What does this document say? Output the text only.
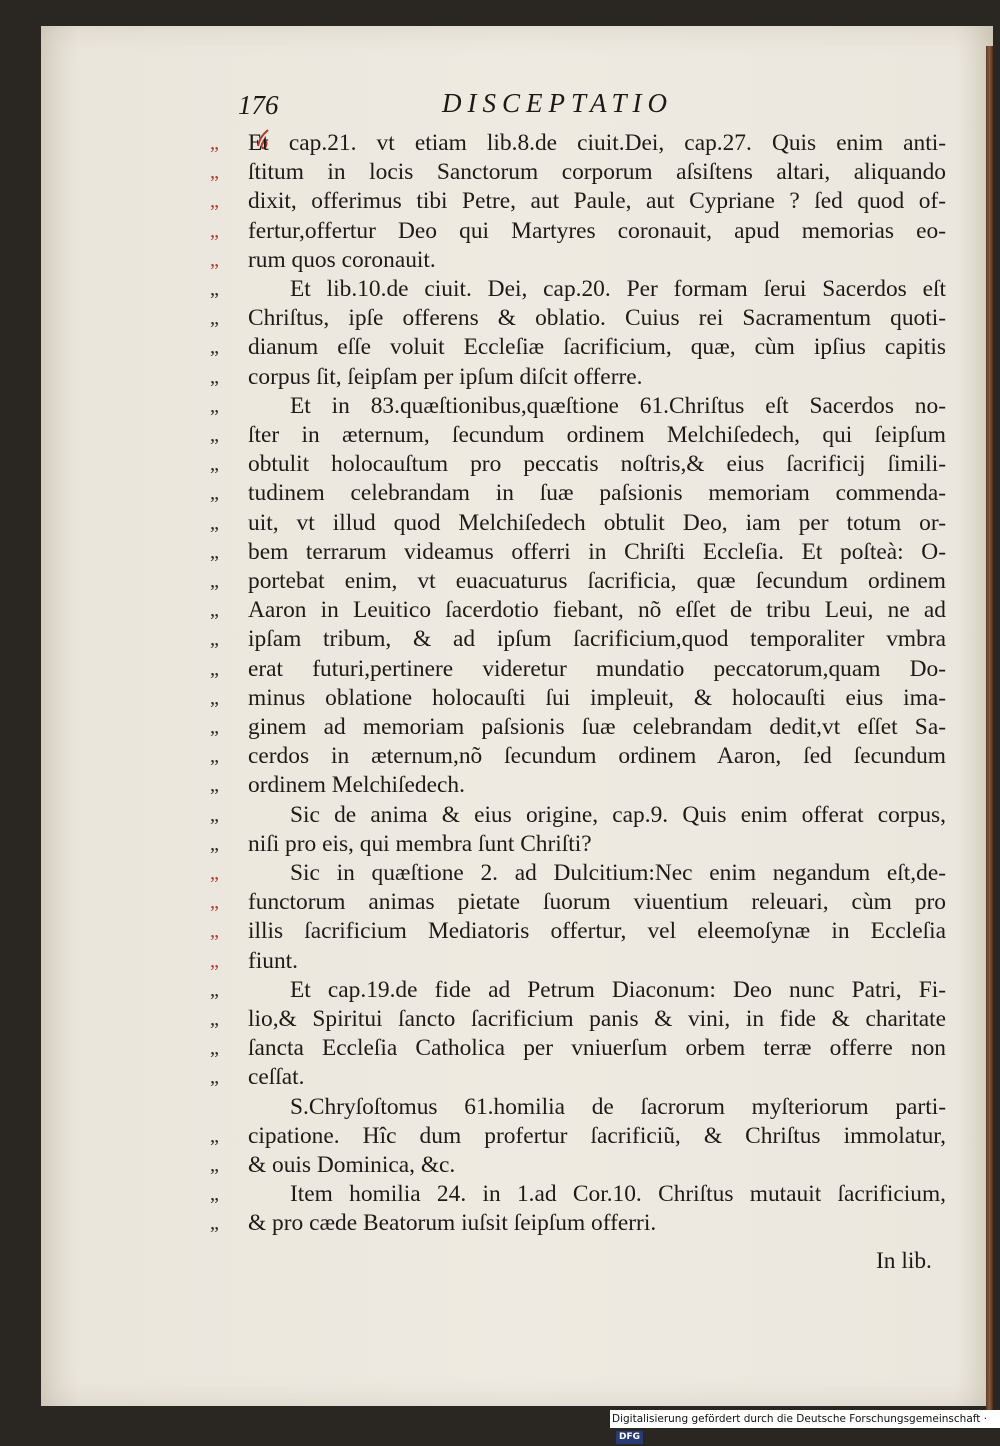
176	DISCEPTATIO
„	Et cap.21. vt etiam lib.8.de ciuit.Dei, cap.27. Quis enim anti-
„	ſtitum in locis Sanctorum corporum aſsiſtens altari, aliquando
„	dixit, offerimus tibi Petre, aut Paule, aut Cypriane ? ſed quod of-
„	fertur,offertur Deo qui Martyres coronauit, apud memorias eo-
„	rum quos coronauit.
„	Et lib.10.de ciuit. Dei, cap.20. Per formam ſerui Sacerdos eſt
„	Chriſtus, ipſe offerens & oblatio. Cuius rei Sacramentum quoti-
„	dianum eſſe voluit Eccleſiæ ſacrificium, quæ, cùm ipſius capitis
„	corpus ſit, ſeipſam per ipſum diſcit offerre.
„	Et in 83.quæſtionibus,quæſtione 61.Chriſtus eſt Sacerdos no-
„	ſter in æternum, ſecundum ordinem Melchiſedech, qui ſeipſum
„	obtulit holocauſtum pro peccatis noſtris,& eius ſacrificij ſimili-
„	tudinem celebrandam in ſuæ paſsionis memoriam commenda-
„	uit, vt illud quod Melchiſedech obtulit Deo, iam per totum or-
„	bem terrarum videamus offerri in Chriſti Eccleſia. Et poſteà: O-
„	portebat enim, vt euacuaturus ſacrificia, quæ ſecundum ordinem
„	Aaron in Leuitico ſacerdotio fiebant, nõ eſſet de tribu Leui, ne ad
„	ipſam tribum, & ad ipſum ſacrificium,quod temporaliter vmbra
„	erat futuri,pertinere videretur mundatio peccatorum,quam Do-
„	minus oblatione holocauſti ſui impleuit, & holocauſti eius ima-
„	ginem ad memoriam paſsionis ſuæ celebrandam dedit,vt eſſet Sa-
„	cerdos in æternum,nõ ſecundum ordinem Aaron, ſed ſecundum
„	ordinem Melchiſedech.
„	Sic de anima & eius origine, cap.9. Quis enim offerat corpus,
„	niſi pro eis, qui membra ſunt Chriſti?
„	Sic in quæſtione 2. ad Dulcitium:Nec enim negandum eſt,de-
„	functorum animas pietate ſuorum viuentium releuari, cùm pro
„	illis ſacrificium Mediatoris offertur, vel eleemoſynæ in Eccleſia
„	fiunt.
„	Et cap.19.de fide ad Petrum Diaconum: Deo nunc Patri, Fi-
„	lio,& Spiritui ſancto ſacrificium panis & vini, in fide & charitate
„	ſancta Eccleſia Catholica per vniuerſum orbem terræ offerre non
„	ceſſat.
S.Chryſoſtomus 61.homilia de ſacrorum myſteriorum parti-
„	cipatione. Hîc dum profertur ſacrificiũ, & Chriſtus immolatur,
„	& ouis Dominica, &c.
„	Item homilia 24. in 1.ad Cor.10. Chriſtus mutauit ſacrificium,
„	& pro cæde Beatorum iuſsit ſeipſum offerri.
In lib.
Digitalisierung gefördert durch die Deutsche Forschungsgemeinschaft ·DFG
